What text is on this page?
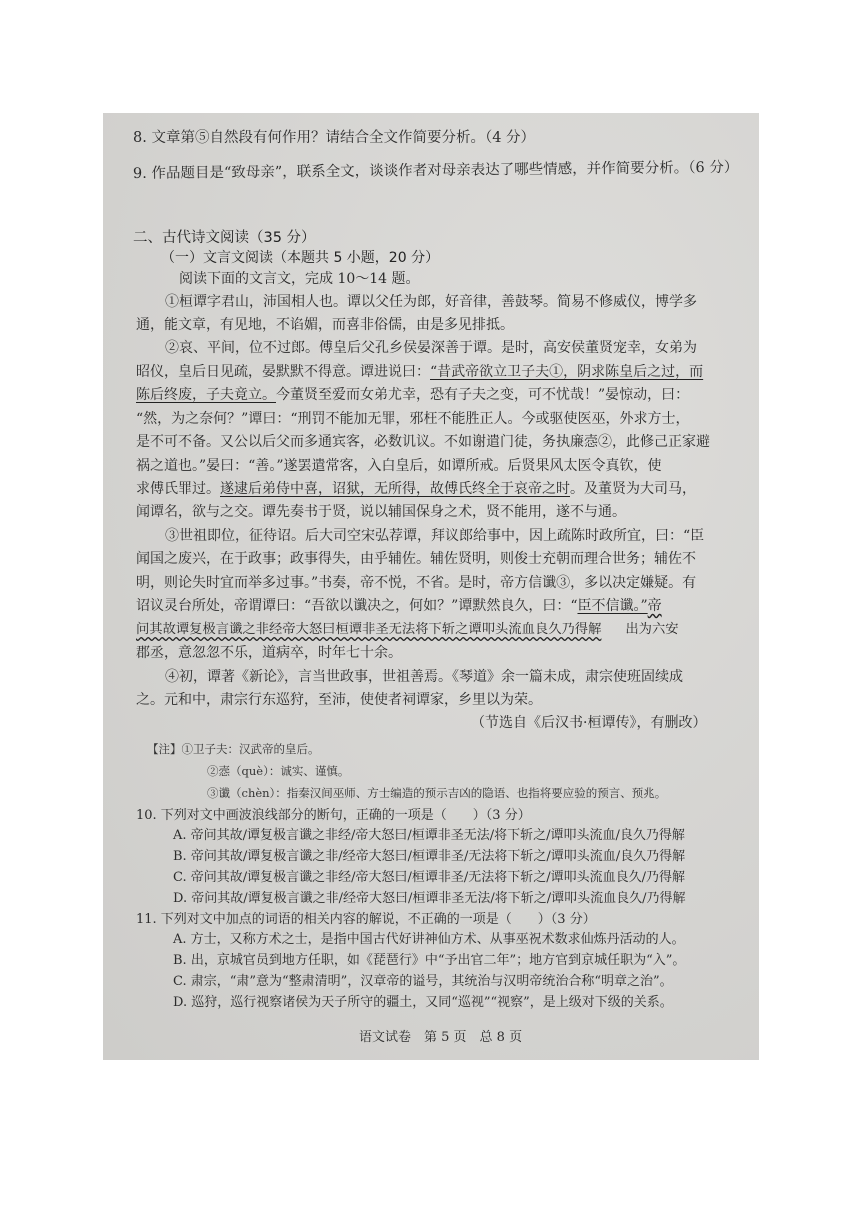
8. 文章第⑤自然段有何作用？请结合全文作简要分析。（4 分）
9. 作品题目是“致母亲”，联系全文，谈谈作者对母亲表达了哪些情感，并作简要分析。（6 分）
二、古代诗文阅读（35 分）
（一）文言文阅读（本题共 5 小题，20 分）
阅读下面的文言文，完成 10～14 题。
①桓谭字君山，沛国相人也。谭以父任为郎，好音律，善鼓琴。简易不修威仪，博学多
通，能文章，有见地，不谄媚，而喜非俗儒，由是多见排抵。
②哀、平间，位不过郎。傅皇后父孔乡侯晏深善于谭。是时，高安侯董贤宠幸，女弟为
昭仪，皇后日见疏，晏默默不得意。谭进说曰：“昔武帝欲立卫子夫①，阴求陈皇后之过，而
陈后终废，子夫竟立。今董贤至爱而女弟尤幸，恐有子夫之变，可不忧哉！”晏惊动，曰：
“然，为之奈何？”谭曰：“刑罚不能加无罪，邪枉不能胜正人。今或驱使医巫，外求方士，
是不可不备。又公以后父而多通宾客，必数讥议。不如谢遣门徒，务执廉悫②，此修己正家避
祸之道也。”晏曰：“善。”遂罢遣常客，入白皇后，如谭所戒。后贤果风太医令真钦，使
求傅氏罪过。遂逮后弟侍中喜，诏狱，无所得，故傅氏终全于哀帝之时。及董贤为大司马，
闻谭名，欲与之交。谭先奏书于贤，说以辅国保身之术，贤不能用，遂不与通。
③世祖即位，征待诏。后大司空宋弘荐谭，拜议郎给事中，因上疏陈时政所宜，曰：“臣
闻国之废兴，在于政事；政事得失，由乎辅佐。辅佐贤明，则俊士充朝而理合世务；辅佐不
明，则论失时宜而举多过事。”书奏，帝不悦，不省。是时，帝方信谶③，多以决定嫌疑。有
诏议灵台所处，帝谓谭曰：“吾欲以谶决之，何如？”谭默然良久，曰：“臣不信谶。”帝
问其故谭复极言谶之非经帝大怒曰桓谭非圣无法将下斩之谭叩头流血良久乃得解 出为六安
郡丞，意忽忽不乐，道病卒，时年七十余。
④初，谭著《新论》，言当世政事，世祖善焉。《琴道》余一篇未成，肃宗使班固续成
之。元和中，肃宗行东巡狩，至沛，使使者祠谭家，乡里以为荣。
（节选自《后汉书·桓谭传》，有删改）
【注】①卫子夫：汉武帝的皇后。
②悫（què）：诚实、谨慎。
③谶（chèn）：指秦汉间巫师、方士编造的预示吉凶的隐语、也指将要应验的预言、预兆。
10. 下列对文中画波浪线部分的断句，正确的一项是（　　）（3 分）
A. 帝问其故/谭复极言谶之非经/帝大怒曰/桓谭非圣无法/将下斩之/谭叩头流血/良久乃得解
B. 帝问其故/谭复极言谶之非/经帝大怒曰/桓谭非圣/无法将下斩之/谭叩头流血/良久乃得解
C. 帝问其故/谭复极言谶之非经/帝大怒曰/桓谭非圣/无法将下斩之/谭叩头流血良久/乃得解
D. 帝问其故/谭复极言谶之非/经帝大怒曰/桓谭非圣无法/将下斩之/谭叩头流血良久/乃得解
11. 下列对文中加点的词语的相关内容的解说，不正确的一项是（　　）（3 分）
A. 方士，又称方术之士，是指中国古代好讲神仙方术、从事巫祝术数求仙炼丹活动的人。
B. 出，京城官员到地方任职，如《琵琶行》中“予出官二年”；地方官到京城任职为“入”。
C. 肃宗，“肃”意为“整肃清明”，汉章帝的谥号，其统治与汉明帝统治合称“明章之治”。
D. 巡狩，巡行视察诸侯为天子所守的疆土，又同“巡视”“视察”，是上级对下级的关系。
语文试卷　第 5 页　总 8 页
